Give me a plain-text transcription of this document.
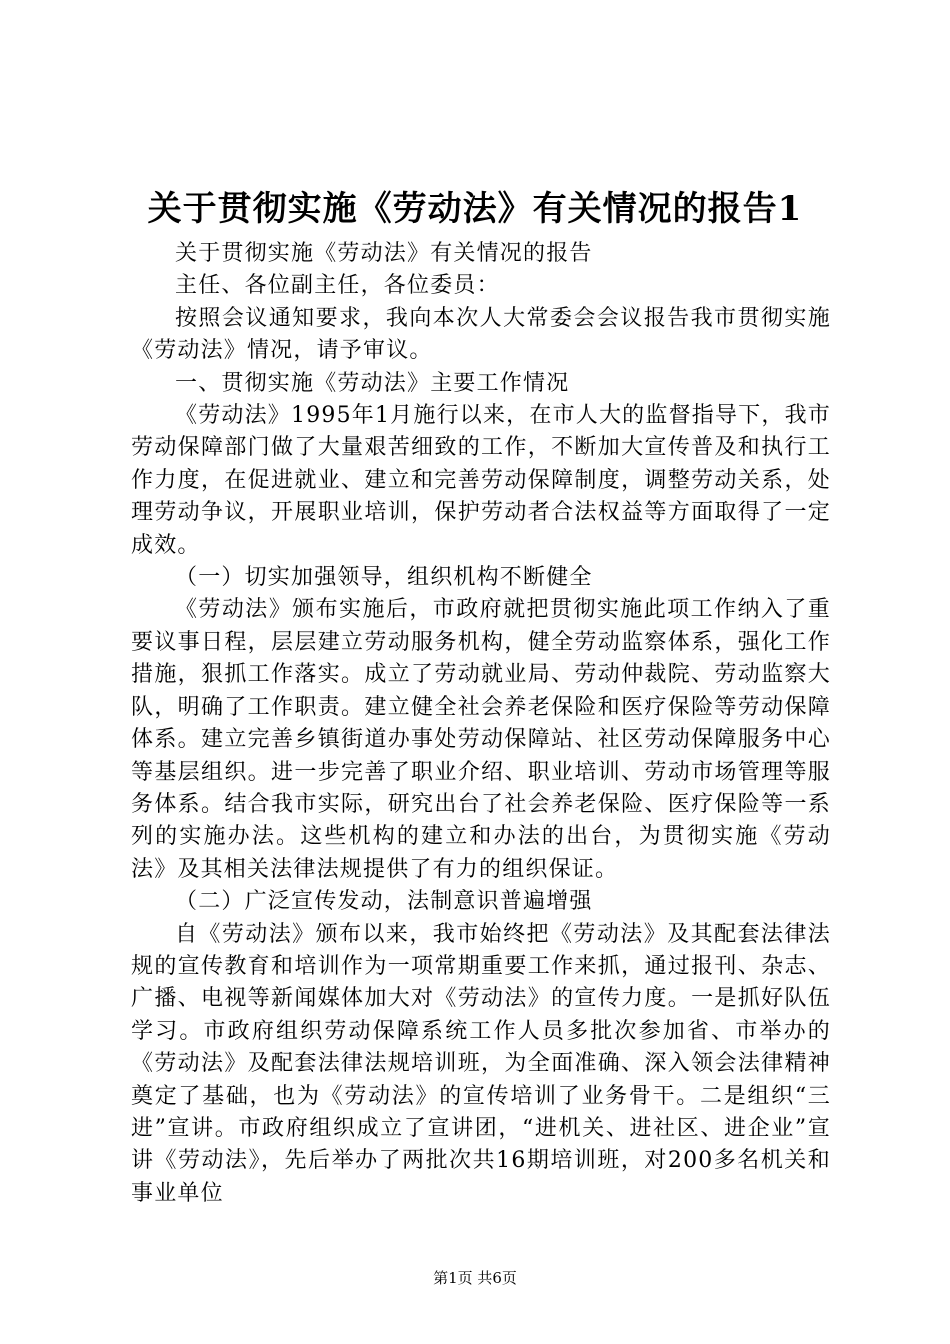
关于贯彻实施《劳动法》有关情况的报告1

关于贯彻实施《劳动法》有关情况的报告

主任、各位副主任，各位委员：

按照会议通知要求，我向本次人大常委会会议报告我市贯彻实施《劳动法》情况，请予审议。

一、贯彻实施《劳动法》主要工作情况

《劳动法》1995年1月施行以来，在市人大的监督指导下，我市劳动保障部门做了大量艰苦细致的工作，不断加大宣传普及和执行工作力度，在促进就业、建立和完善劳动保障制度，调整劳动关系，处理劳动争议，开展职业培训，保护劳动者合法权益等方面取得了一定成效。

（一）切实加强领导，组织机构不断健全

《劳动法》颁布实施后，市政府就把贯彻实施此项工作纳入了重要议事日程，层层建立劳动服务机构，健全劳动监察体系，强化工作措施，狠抓工作落实。成立了劳动就业局、劳动仲裁院、劳动监察大队，明确了工作职责。建立健全社会养老保险和医疗保险等劳动保障体系。建立完善乡镇街道办事处劳动保障站、社区劳动保障服务中心等基层组织。进一步完善了职业介绍、职业培训、劳动市场管理等服务体系。结合我市实际，研究出台了社会养老保险、医疗保险等一系列的实施办法。这些机构的建立和办法的出台，为贯彻实施《劳动法》及其相关法律法规提供了有力的组织保证。

（二）广泛宣传发动，法制意识普遍增强

自《劳动法》颁布以来，我市始终把《劳动法》及其配套法律法规的宣传教育和培训作为一项常期重要工作来抓，通过报刊、杂志、广播、电视等新闻媒体加大对《劳动法》的宣传力度。一是抓好队伍学习。市政府组织劳动保障系统工作人员多批次参加省、市举办的《劳动法》及配套法律法规培训班，为全面准确、深入领会法律精神奠定了基础，也为《劳动法》的宣传培训了业务骨干。二是组织“三进”宣讲。市政府组织成立了宣讲团，“进机关、进社区、进企业”宣讲《劳动法》，先后举办了两批次共16期培训班，对200多名机关和事业单位

第1页 共6页
